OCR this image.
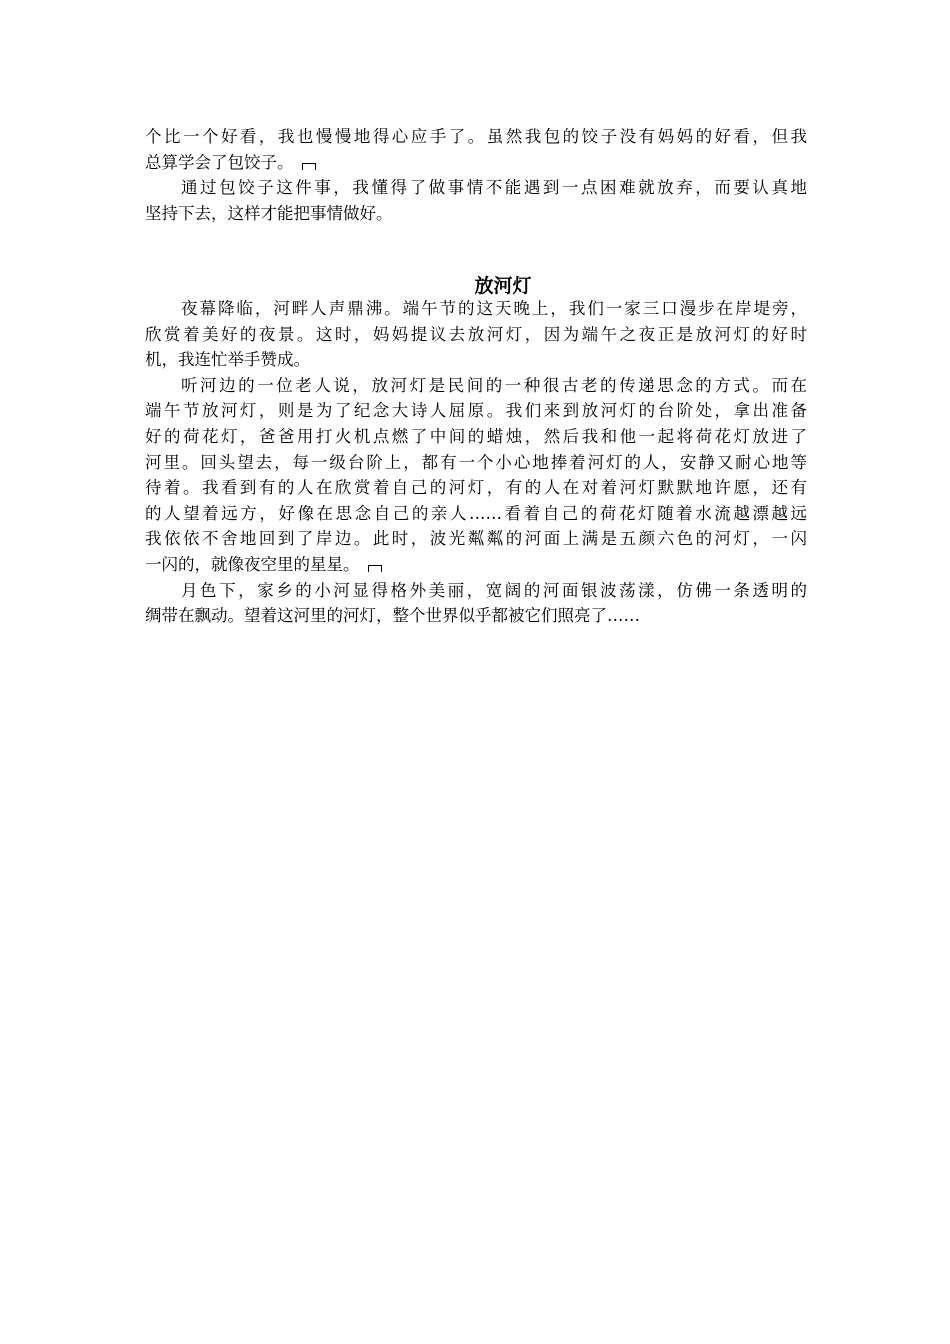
个比一个好看，我也慢慢地得心应手了。虽然我包的饺子没有妈妈的好看，但我
总算学会了包饺子。
通过包饺子这件事，我懂得了做事情不能遇到一点困难就放弃，而要认真地
坚持下去，这样才能把事情做好。
放河灯
夜幕降临，河畔人声鼎沸。端午节的这天晚上，我们一家三口漫步在岸堤旁，
欣赏着美好的夜景。这时，妈妈提议去放河灯，因为端午之夜正是放河灯的好时
机，我连忙举手赞成。
听河边的一位老人说，放河灯是民间的一种很古老的传递思念的方式。而在
端午节放河灯，则是为了纪念大诗人屈原。我们来到放河灯的台阶处，拿出准备
好的荷花灯，爸爸用打火机点燃了中间的蜡烛，然后我和他一起将荷花灯放进了
河里。回头望去，每一级台阶上，都有一个小心地捧着河灯的人，安静又耐心地等
待着。我看到有的人在欣赏着自己的河灯，有的人在对着河灯默默地许愿，还有
的人望着远方，好像在思念自己的亲人……看着自己的荷花灯随着水流越漂越远
我依依不舍地回到了岸边。此时，波光粼粼的河面上满是五颜六色的河灯，一闪
一闪的，就像夜空里的星星。
月色下，家乡的小河显得格外美丽，宽阔的河面银波荡漾，仿佛一条透明的
绸带在飘动。望着这河里的河灯，整个世界似乎都被它们照亮了……
